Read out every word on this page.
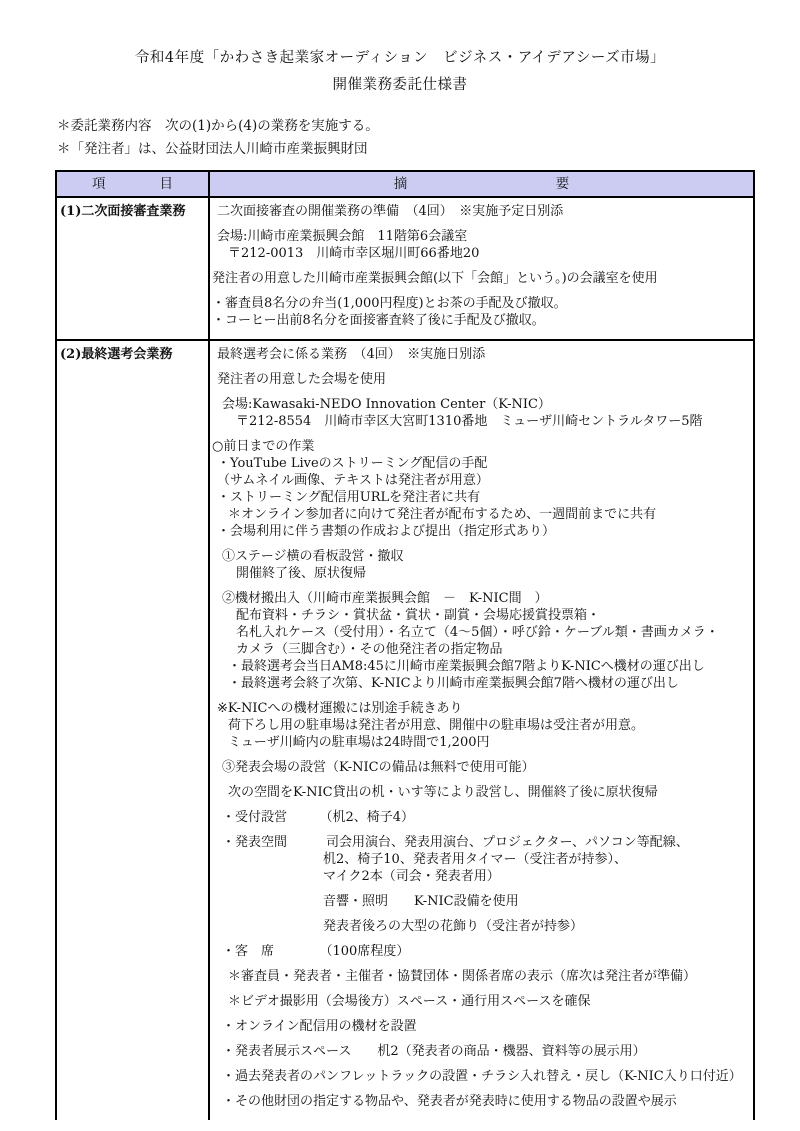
令和4年度「かわさき起業家オーディション　ビジネス・アイデアシーズ市場」
開催業務委託仕様書
＊委託業務内容　次の(1)から(4)の業務を実施する。
＊「発注者」は、公益財団法人川崎市産業振興財団
項　　　　目	摘　　　　　　　　　　　要
(1)二次面接審査業務	二次面接審査の開催業務の準備　（4回）　※実施予定日別添
会場:川崎市産業振興会館　11階第6会議室
〒212-0013　川崎市幸区堀川町66番地20
発注者の用意した川崎市産業振興会館(以下「会館」という。)の会議室を使用
・審査員8名分の弁当(1,000円程度)とお茶の手配及び撤収。
・コーヒー出前8名分を面接審査終了後に手配及び撤収。
(2)最終選考会業務	最終選考会に係る業務　（4回）　※実施日別添
発注者の用意した会場を使用
会場:Kawasaki-NEDO Innovation Center（K-NIC）
〒212-8554　川崎市幸区大宮町1310番地　ミューザ川崎セントラルタワー5階
○前日までの作業
・YouTube Liveのストリーミング配信の手配
（サムネイル画像、テキストは発注者が用意）
・ストリーミング配信用URLを発注者に共有
＊オンライン参加者に向けて発注者が配布するため、一週間前までに共有
・会場利用に伴う書類の作成および提出（指定形式あり）
①ステージ横の看板設営・撤収
開催終了後、原状復帰
②機材搬出入（川崎市産業振興会館　－　K-NIC間　）
配布資料・チラシ・賞状盆・賞状・副賞・会場応援賞投票箱・
名札入れケース（受付用）・名立て（4～5個）・呼び鈴・ケーブル類・書画カメラ・
カメラ（三脚含む）・その他発注者の指定物品
・最終選考会当日AM8:45に川崎市産業振興会館7階よりK-NICへ機材の運び出し
・最終選考会終了次第、K-NICより川崎市産業振興会館7階へ機材の運び出し
※K-NICへの機材運搬には別途手続きあり
荷下ろし用の駐車場は発注者が用意、開催中の駐車場は受注者が用意。
ミューザ川崎内の駐車場は24時間で1,200円
③発表会場の設営（K-NICの備品は無料で使用可能）
次の空間をK-NIC貸出の机・いす等により設営し、開催終了後に原状復帰
・受付設営　　　（机2、椅子4）
・発表空間　　　司会用演台、発表用演台、プロジェクター、パソコン等配線、
机2、椅子10、発表者用タイマー（受注者が持参）、
マイク2本（司会・発表者用）
音響・照明　　K-NIC設備を使用
発表者後ろの大型の花飾り（受注者が持参）
・客　席　　　　（100席程度）
＊審査員・発表者・主催者・協賛団体・関係者席の表示（席次は発注者が準備）
＊ビデオ撮影用（会場後方）スペース・通行用スペースを確保
・オンライン配信用の機材を設置
・発表者展示スペース　　机2（発表者の商品・機器、資料等の展示用）
・過去発表者のパンフレットラックの設置・チラシ入れ替え・戻し（K-NIC入り口付近）
・その他財団の指定する物品や、発表者が発表時に使用する物品の設置や展示
